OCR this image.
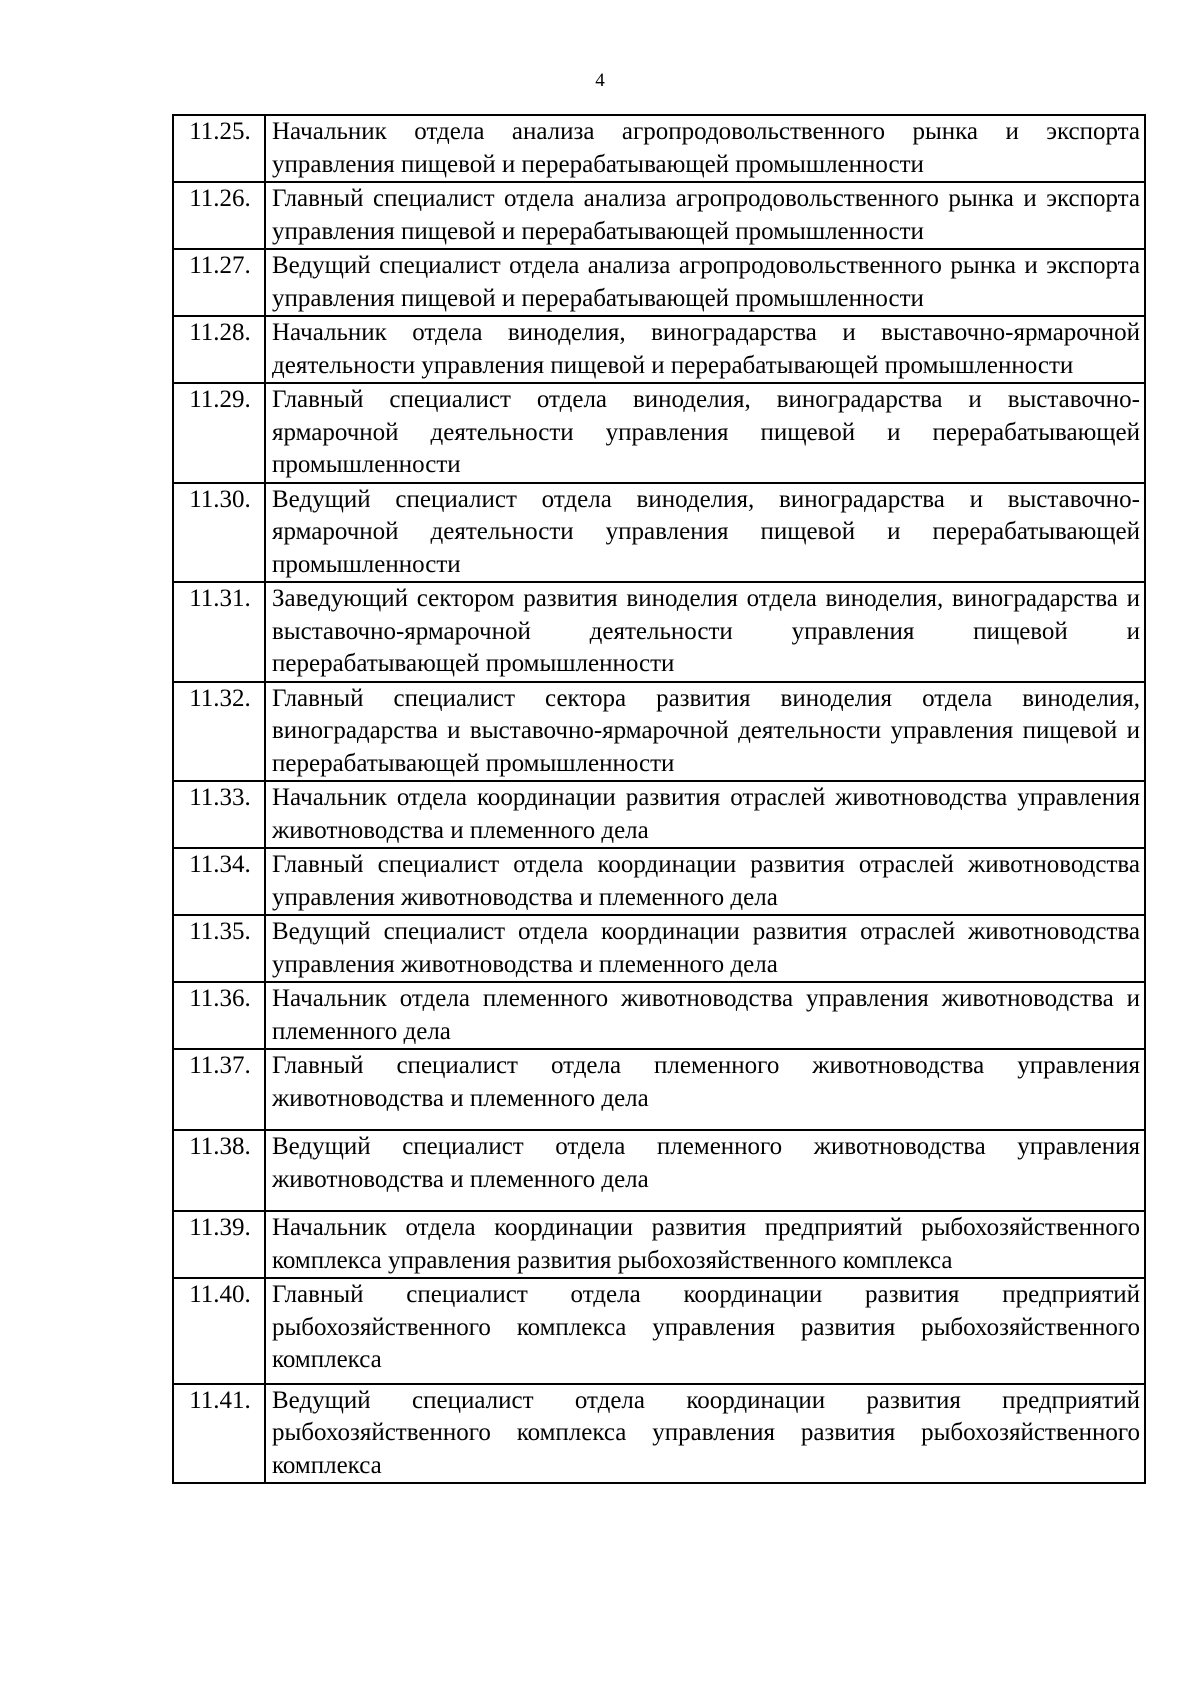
4
11.25.	Начальник отдела анализа агропродовольственного рынка и экспорта управления пищевой и перерабатывающей промышленности
11.26.	Главный специалист отдела анализа агропродовольственного рынка и экспорта управления пищевой и перерабатывающей промышленности
11.27.	Ведущий специалист отдела анализа агропродовольственного рынка и экспорта управления пищевой и перерабатывающей промышленности
11.28.	Начальник отдела виноделия, виноградарства и выставочно-ярмарочной деятельности управления пищевой и перерабатывающей промышленности
11.29.	Главный специалист отдела виноделия, виноградарства и выставочно-ярмарочной деятельности управления пищевой и перерабатывающей промышленности
11.30.	Ведущий специалист отдела виноделия, виноградарства и выставочно-ярмарочной деятельности управления пищевой и перерабатывающей промышленности
11.31.	Заведующий сектором развития виноделия отдела виноделия, виноградарства и выставочно-ярмарочной деятельности управления пищевой и перерабатывающей промышленности
11.32.	Главный специалист сектора развития виноделия отдела виноделия, виноградарства и выставочно-ярмарочной деятельности управления пищевой и перерабатывающей промышленности
11.33.	Начальник отдела координации развития отраслей животноводства управления животноводства и племенного дела
11.34.	Главный специалист отдела координации развития отраслей животноводства управления животноводства и племенного дела
11.35.	Ведущий специалист отдела координации развития отраслей животноводства управления животноводства и племенного дела
11.36.	Начальник отдела племенного животноводства управления животноводства и племенного дела
11.37.	Главный специалист отдела племенного животноводства управления животноводства и племенного дела
11.38.	Ведущий специалист отдела племенного животноводства управления животноводства и племенного дела
11.39.	Начальник отдела координации развития предприятий рыбохозяйственного комплекса управления развития рыбохозяйственного комплекса
11.40.	Главный специалист отдела координации развития предприятий рыбохозяйственного комплекса управления развития рыбохозяйственного комплекса
11.41.	Ведущий специалист отдела координации развития предприятий рыбохозяйственного комплекса управления развития рыбохозяйственного комплекса
